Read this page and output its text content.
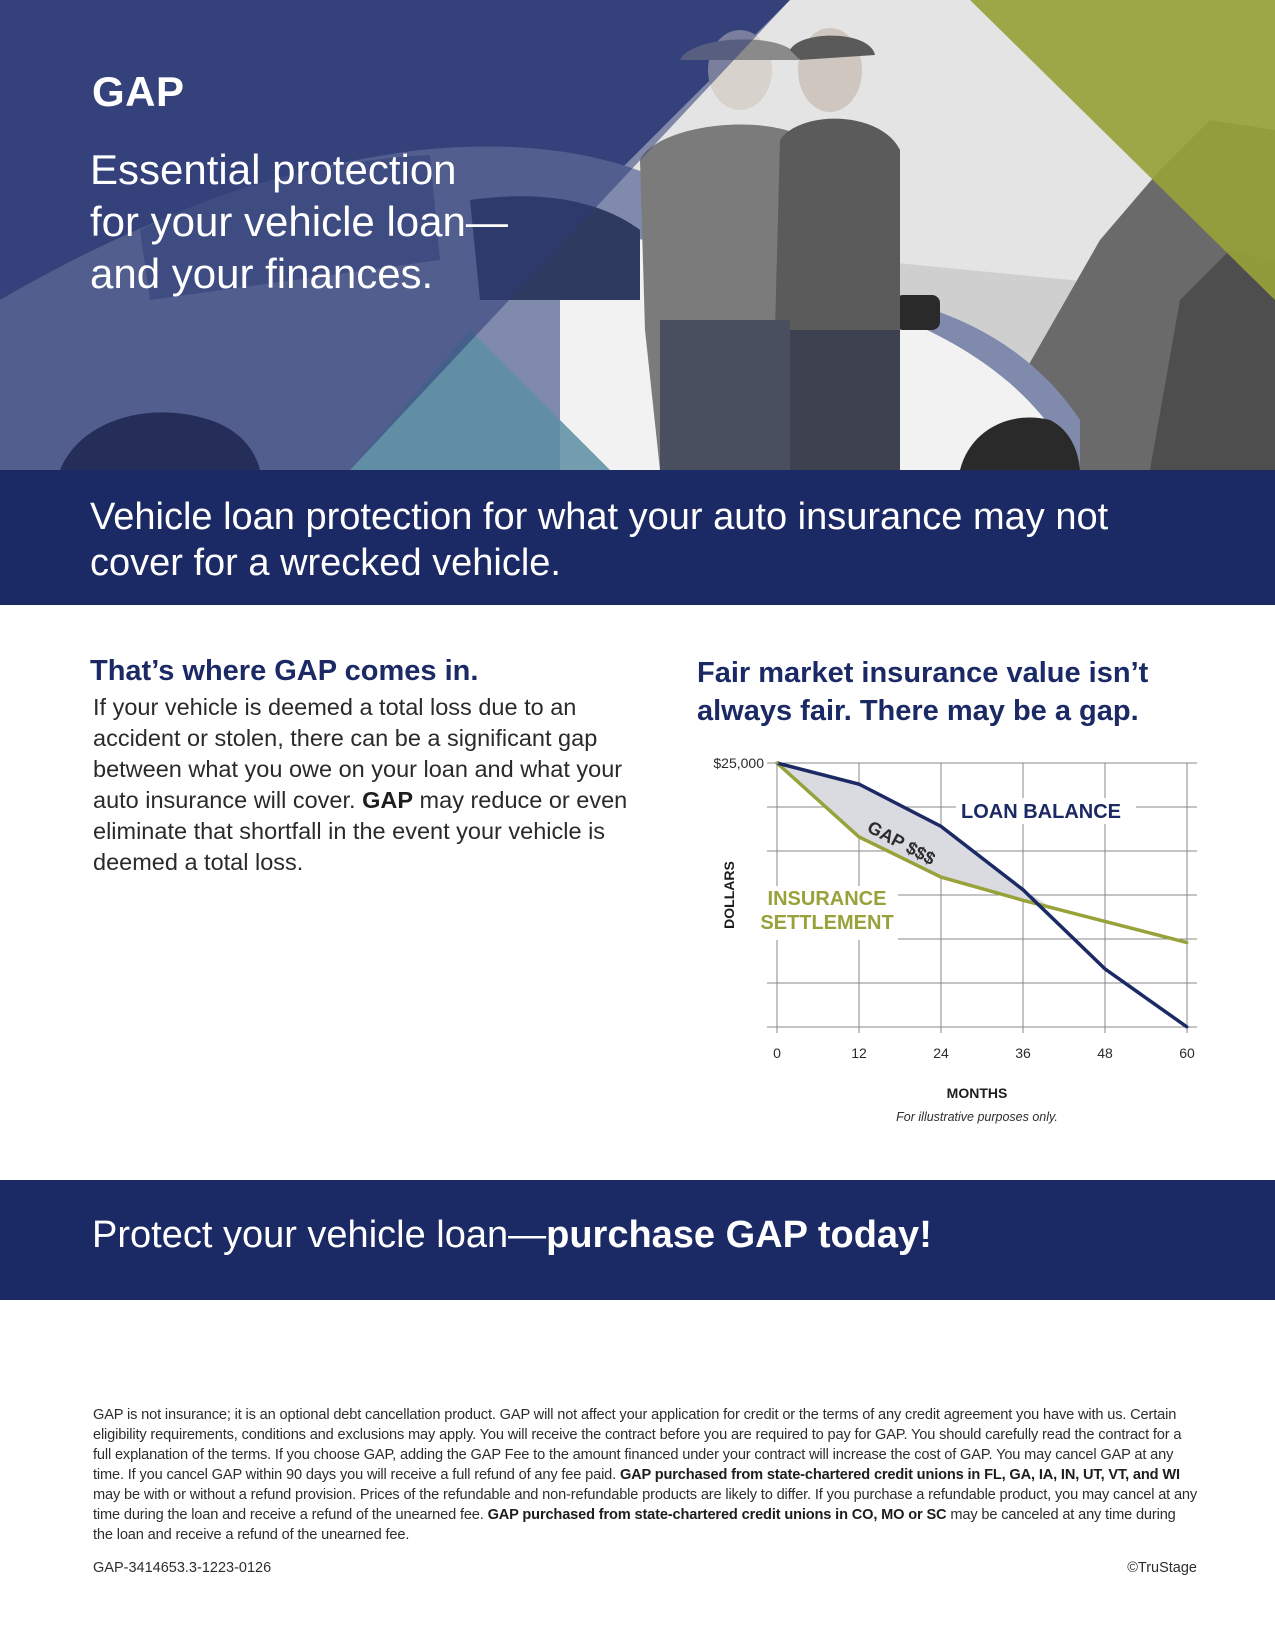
GAP
Essential protection for your vehicle loan—and your finances.
Vehicle loan protection for what your auto insurance may not cover for a wrecked vehicle.
That’s where GAP comes in.
If your vehicle is deemed a total loss due to an accident or stolen, there can be a significant gap between what you owe on your loan and what your auto insurance will cover. GAP may reduce or even eliminate that shortfall in the event your vehicle is deemed a total loss.
Fair market insurance value isn’t always fair. There may be a gap.
$25,000
0	12	24	36	48	60
LOAN BALANCE
INSURANCE
SETTLEMENT
GAP $$$
DOLLARS
MONTHS
For illustrative purposes only.
Protect your vehicle loan—purchase GAP today!
GAP is not insurance; it is an optional debt cancellation product. GAP will not affect your application for credit or the terms of any credit agreement you have with us. Certain eligibility requirements, conditions and exclusions may apply. You will receive the contract before you are required to pay for GAP. You should carefully read the contract for a full explanation of the terms. If you choose GAP, adding the GAP Fee to the amount financed under your contract will increase the cost of GAP. You may cancel GAP at any time. If you cancel GAP within 90 days you will receive a full refund of any fee paid. GAP purchased from state-chartered credit unions in FL, GA, IA, IN, UT, VT, and WI may be with or without a refund provision. Prices of the refundable and non-refundable products are likely to differ. If you purchase a refundable product, you may cancel at any time during the loan and receive a refund of the unearned fee. GAP purchased from state-chartered credit unions in CO, MO or SC may be canceled at any time during the loan and receive a refund of the unearned fee.
GAP-3414653.3-1223-0126	©TruStage
